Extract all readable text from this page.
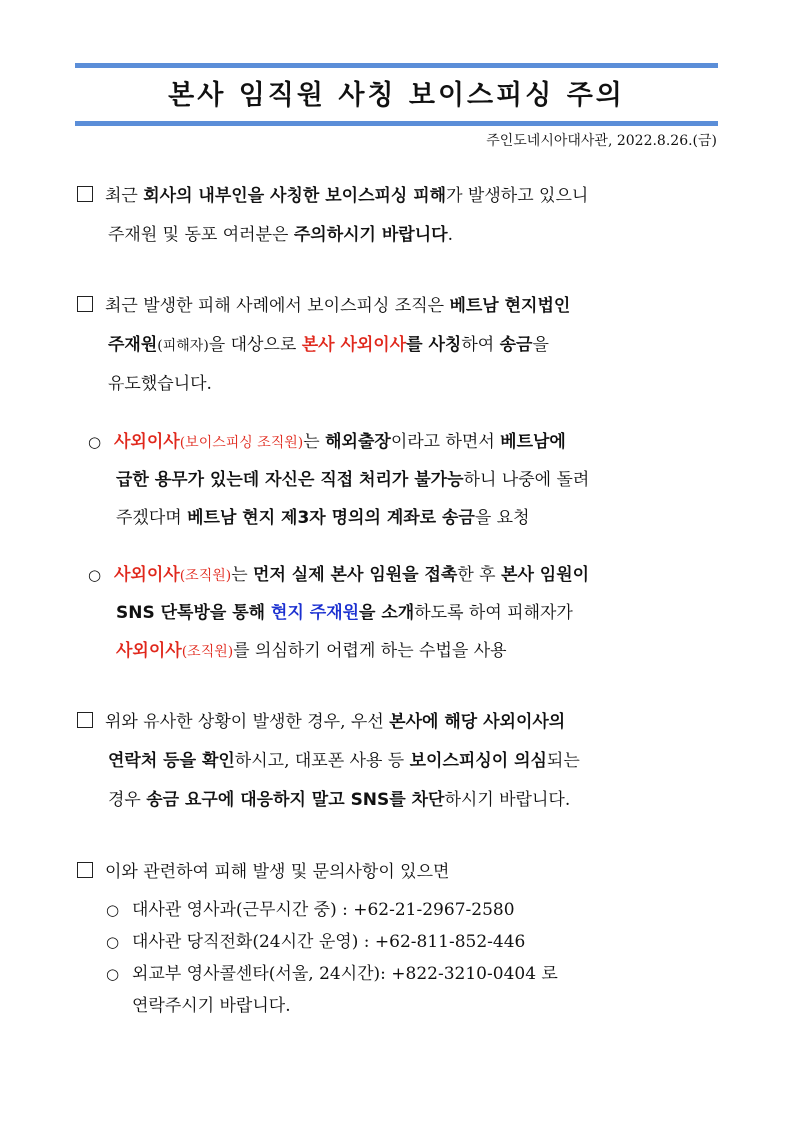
본사 임직원 사칭 보이스피싱 주의
주인도네시아대사관, 2022.8.26.(금)
최근 회사의 내부인을 사칭한 보이스피싱 피해가 발생하고 있으니
주재원 및 동포 여러분은 주의하시기 바랍니다.
최근 발생한 피해 사례에서 보이스피싱 조직은 베트남 현지법인
주재원(피해자)을 대상으로 본사 사외이사를 사칭하여 송금을
유도했습니다.
○ 사외이사(보이스피싱 조직원)는 해외출장이라고 하면서 베트남에
급한 용무가 있는데 자신은 직접 처리가 불가능하니 나중에 돌려
주겠다며 베트남 현지 제3자 명의의 계좌로 송금을 요청
○ 사외이사(조직원)는 먼저 실제 본사 임원을 접촉한 후 본사 임원이
SNS 단톡방을 통해 현지 주재원을 소개하도록 하여 피해자가
사외이사(조직원)를 의심하기 어렵게 하는 수법을 사용
위와 유사한 상황이 발생한 경우, 우선 본사에 해당 사외이사의
연락처 등을 확인하시고, 대포폰 사용 등 보이스피싱이 의심되는
경우 송금 요구에 대응하지 말고 SNS를 차단하시기 바랍니다.
이와 관련하여 피해 발생 및 문의사항이 있으면
○ 대사관 영사과(근무시간 중) : +62-21-2967-2580
○ 대사관 당직전화(24시간 운영) : +62-811-852-446
○ 외교부 영사콜센타(서울, 24시간): +822-3210-0404 로
연락주시기 바랍니다.
